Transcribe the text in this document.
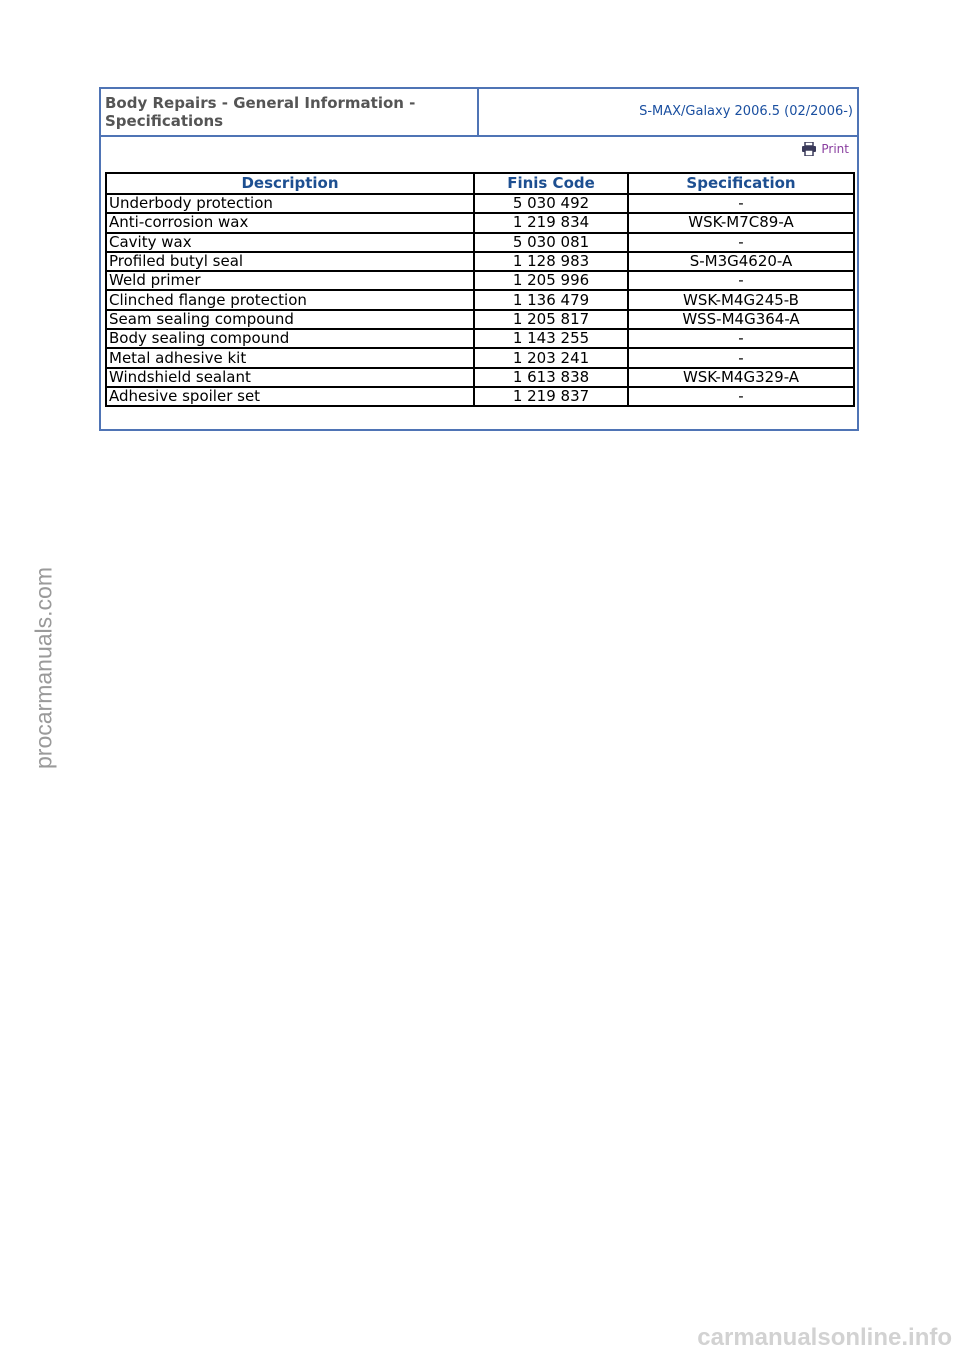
Body Repairs - General Information - Specifications
S-MAX/Galaxy 2006.5 (02/2006-)
Print
Description	Finis Code	Specification
Underbody protection	5 030 492	-
Anti-corrosion wax	1 219 834	WSK-M7C89-A
Cavity wax	5 030 081	-
Profiled butyl seal	1 128 983	S-M3G4620-A
Weld primer	1 205 996	-
Clinched flange protection	1 136 479	WSK-M4G245-B
Seam sealing compound	1 205 817	WSS-M4G364-A
Body sealing compound	1 143 255	-
Metal adhesive kit	1 203 241	-
Windshield sealant	1 613 838	WSK-M4G329-A
Adhesive spoiler set	1 219 837	-
procarmanuals.com
carmanualsonline.info
